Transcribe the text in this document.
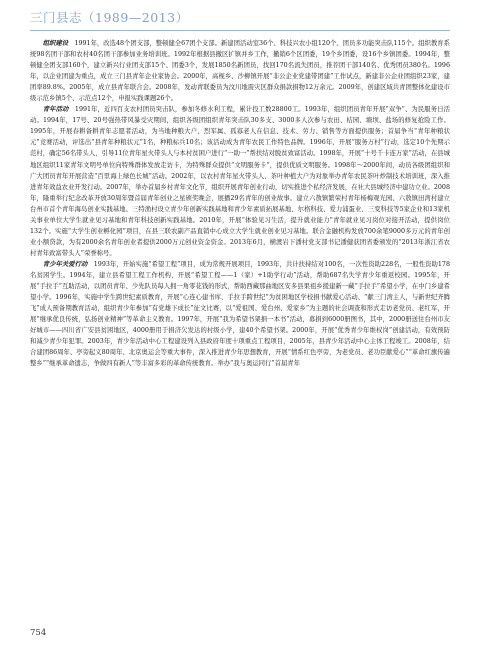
三门县志（1989—2013）

组织建设　 1991年，改选48个团支部，整顿健全67团个支部。新建团活动室36个、科技兴农小组120个、团员多功能突击队115个。组织教育系统98名团干部和农村40名团干部参加业务培训班。1992年根据县撤区扩镇并乡工作，撤销6个区团委，19个乡团委，设16个乡镇团委。1994年，整顿健全团支部160个，建立新兴行业团支部15个、团委3个，发展1850名新团员，找回170名流失团员，推荐团干部140名、优秀团员380名。1996年，以企业团建为重点，成立三门县青年企业家协会。2000年，高枧乡、沙柳镇开展“非公企业党建带团建”工作试点，新建非公企业团组织23家，建团率89.8%。2005年，成立县青年联合会。2008年，发动青联委员为汶川地震灾区群众捐款捐物12万余元。2009年，创建区域共青团整体化建设市级示范乡镇5个、示范点12个，申报实践课题26个。

青年活动　 1991年，近四百支农村团员突击队，参加冬修水利工程，累计投工数28800工。1993年，组织团员青年开展“双争”、为民服务日活动。1994年，17号、20号强热带风暴受灾期间，组织各级团组织青年突击队30多支、3000多人次参与农田、桔园、塘坝、盐场的修复抢险工作。1995年，开展春耕备耕青年志愿者活动，为当地种粮大户、烈军属、孤寡老人在信息、技术、劳力、销售等方面提供服务；首届争当“青年种粮状元”竞赛活动，评选出“县青年种粮状元”1名，种粮标兵10名；该活动成为青年农民工作特色品牌。1996年，开展“服务万村”行动，选定10个先期示范村，确定56名带头人，引导11位青年星火带头人与本村贫困户进行“一助一”帮扶结对脱贫致富活动。1998年，开展“十号千卡连万家”活动，在县城地区组织11家青年文明号单位向特殊群体发放走访卡，为特殊群众提供“文明服务卡”，提供优质文明服务。1998年～2000年间，动员各级团组织和广大团员青年开展营造“百里海上绿色长城”活动。2002年，以农村青年星火带头人、茶叶种植大户为对象举办青年农民茶叶炒制技术培训班，深入推进青年效益农业开发行动。2007年，举办首届乡村青年文化节，组织开展青年创业行动，切实推进个私经济发展，在社大县城经济中建功立业。2008年，隆重举行纪念改革开放30周年暨首届青年创业之星颁奖晚会，展播29名青年的创业故事。建立六敖镇繁荣村青年杨梅观光园、六敖镇田湾村建立台州市首个青年海岛创业实践基地、三特渔村设立青少年创新实践基地和青少年素质拓展基地、尔格科技、爱力浦蛋业、三变科技等5家企业和13家机关事业单位大学生就业见习基地和青年科技创新实践基地。2010年，开展“体验见习生活，提升就业能力”青年就业见习岗位对接开活动，提供岗位132个。实施“大学生创业孵化园”项目，在县三联农副产品直销中心成立大学生就业创业见习基地。联合金融机构发放700余笔9000多万元的青年创业小额贷款，为有2000余名青年创业者提供2000万元创业资金资金。2013年6月，横渡岩下潘村党支部书记潘健获团省委颁发的“2013年浙江省农村青年致富带头人”荣誉称号。

青少年关爱行动　 1993年，开始实施“希望工程”项目，成为常规开展项目，1993年，共计扶持结对100名，一次性资助228名，一般性资助178名贫困学生。1994年，建立县希望工程工作机构，开展“希望工程——1（家）+1助学行动”活动，帮助687名失学青少年重返校园。1995年，开展“手拉手”互助活动，以团员青年、少先队员每人拥一角零花钱的形式，帮助西藏那曲地区安多县果祖乡援建新一藏“手拉手”希望小学，在中门乡建希望小学。1996年，实施中学生跨世纪素质教育，开展“心连心建书库、手拉手跨世纪”为贫困地区学校捐书献爱心活动、“献三门湾主人，与新世纪齐腾飞”成人预备期教育活动，组织青少年参加“有党雄下成长”征文比赛，以“爱祖国、爱台州、爱家乡”为主题的社会调查和形式走访老党员、老红军，开展“继承优良传统，弘扬创业精神”等革命主义教育。1997年，开展“我为希望书架捐一本书”活动，募捐到6000册图书，其中，2000册送往台州市友好城市——四川省广安县贫困地区，4000册用于捐济欠发达的村级小学，建40个希望书架。2000年，开展“优秀青少年维权岗”创建活动，有效预防和减少青少年犯罪。2003年，青少年活动中心工程建设列入县政府年度十项重点工程项目，2005年，县青少年活动中心主体工程竣工。2008年，结合建团86周年、亭旁起义80周年、北京奥运会等重大事件，深入推进青少年思想教育，开展“情系红色亭旁，为老党员、老功臣献爱心”“革命红旗传遍整乡”“继承革命遗志，争做四有新人”等丰富多彩的革命传统教育。举办“我与奥运同行”首届青年

754
